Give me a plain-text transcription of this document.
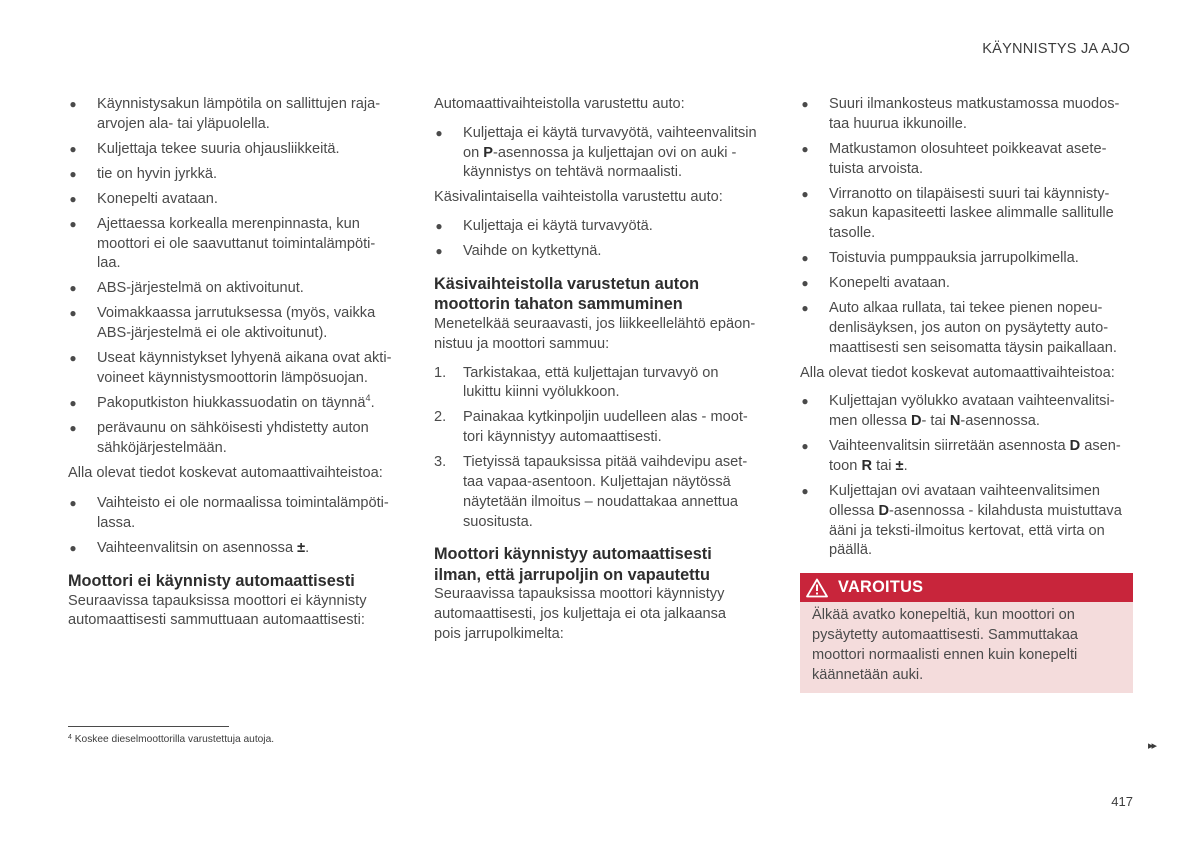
KÄYNNISTYS JA AJO
● Käynnistysakun lämpötila on sallittujen raja-
arvojen ala- tai yläpuolella.
● Kuljettaja tekee suuria ohjausliikkeitä.
● tie on hyvin jyrkkä.
● Konepelti avataan.
● Ajettaessa korkealla merenpinnasta, kun
moottori ei ole saavuttanut toimintalämpöti-
laa.
● ABS-järjestelmä on aktivoitunut.
● Voimakkaassa jarrutuksessa (myös, vaikka
ABS-järjestelmä ei ole aktivoitunut).
● Useat käynnistykset lyhyenä aikana ovat akti-
voineet käynnistysmoottorin lämpösuojan.
● Pakoputkiston hiukkassuodatin on täynnä$^4$.
● perävaunu on sähköisesti yhdistetty auton
sähköjärjestelmään.

Alla olevat tiedot koskevat automaattivaihteistoa:

● Vaihteisto ei ole normaalissa toimintalämpöti-
lassa.
● Vaihteenvalitsin on asennossa ±.
Moottori ei käynnisty automaattisesti

Seuraavissa tapauksissa moottori ei käynnisty
automaattisesti sammuttuaan automaattisesti:

Automaattivaihteistolla varustettu auto:

● Kuljettaja ei käytä turvavyötä, vaihteenvalitsin
on P-asennossa ja kuljettajan ovi on auki -
käynnistys on tehtävä normaalisti.

Käsivalintaisella vaihteistolla varustettu auto:

● Kuljettaja ei käytä turvavyötä.
● Vaihde on kytkettynä.
Käsivaihteistolla varustetun auton
moottorin tahaton sammuminen

Menetelkää seuraavasti, jos liikkeellelähtö epäon-
nistuu ja moottori sammuu:

1. Tarkistakaa, että kuljettajan turvavyö on
lukittu kiinni vyölukkoon.
2. Painakaa kytkinpoljin uudelleen alas - moot-
tori käynnistyy automaattisesti.
3. Tietyissä tapauksissa pitää vaihdevipu aset-
taa vapaa-asentoon. Kuljettajan näytössä
näytetään ilmoitus – noudattakaa annettua
suositusta.
Moottori käynnistyy automaattisesti
ilman, että jarrupoljin on vapautettu

Seuraavissa tapauksissa moottori käynnistyy
automaattisesti, jos kuljettaja ei ota jalkaansa
pois jarrupolkimelta:

● Suuri ilmankosteus matkustamossa muodos-
taa huurua ikkunoille.
● Matkustamon olosuhteet poikkeavat asete-
tuista arvoista.
● Virranotto on tilapäisesti suuri tai käynnisty-
sakun kapasiteetti laskee alimmalle sallitulle
tasolle.
● Toistuvia pumppauksia jarrupolkimella.
● Konepelti avataan.
● Auto alkaa rullata, tai tekee pienen nopeu-
denlisäyksen, jos auton on pysäytetty auto-
maattisesti sen seisomatta täysin paikallaan.

Alla olevat tiedot koskevat automaattivaihteistoa:

● Kuljettajan vyölukko avataan vaihteenvalitsi-
men ollessa D- tai N-asennossa.
● Vaihteenvalitsin siirretään asennosta D asen-
toon R tai ±.
● Kuljettajan ovi avataan vaihteenvalitsimen
ollessa D-asennossa - kilahdusta muistuttava
ääni ja teksti-ilmoitus kertovat, että virta on
päällä.
VAROITUS
Älkää avatko konepeltiä, kun moottori on
pysäytetty automaattisesti. Sammuttakaa
moottori normaalisti ennen kuin konepelti
käännetään auki.
$^4$ Koskee dieselmoottorilla varustettuja autoja.
▸▸
417
